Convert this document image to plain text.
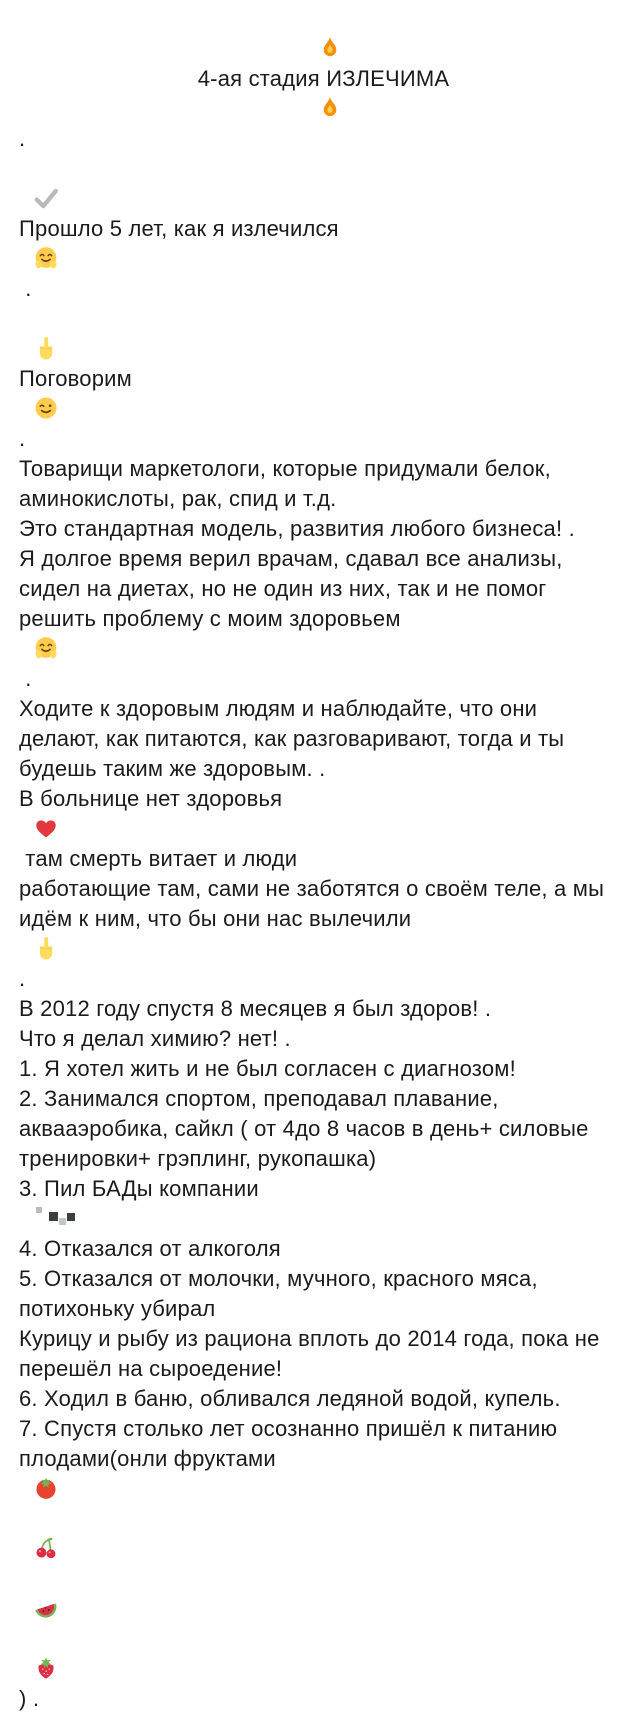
4-ая стадия ИЗЛЕЧИМА

.

Прошло 5 лет, как я излечился

.

Поговорим

.
Товарищи маркетологи, которые придумали белок,
аминокислоты, рак, спид и т.д.
Это стандартная модель, развития любого бизнеса! .
Я долгое время верил врачам, сдавал все анализы,
сидел на диетах, но не один из них, так и не помог
решить проблему с моим здоровьем

.
Ходите к здоровым людям и наблюдайте, что они
делают, как питаются, как разговаривают, тогда и ты
будешь таким же здоровым. .
В больнице нет здоровья

там смерть витает и люди
работающие там, сами не заботятся о своём теле, а мы
идём к ним, что бы они нас вылечили

.
В 2012 году спустя 8 месяцев я был здоров! .
Что я делал химию? нет! .
1. Я хотел жить и не был согласен с диагнозом!
2. Занимался спортом, преподавал плавание,
аквааэробика, сайкл ( от 4до 8 часов в день+ силовые
тренировки+ грэплинг, рукопашка)
3. Пил БАДы компании

4. Отказался от алкоголя
5. Отказался от молочки, мучного, красного мяса,
потихоньку убирал
Курицу и рыбу из рациона вплоть до 2014 года, пока не
перешёл на сыроедение!
6. Ходил в баню, обливался ледяной водой, купель.
7. Спустя столько лет осознанно пришёл к питанию
плодами(онли фруктами

) .
